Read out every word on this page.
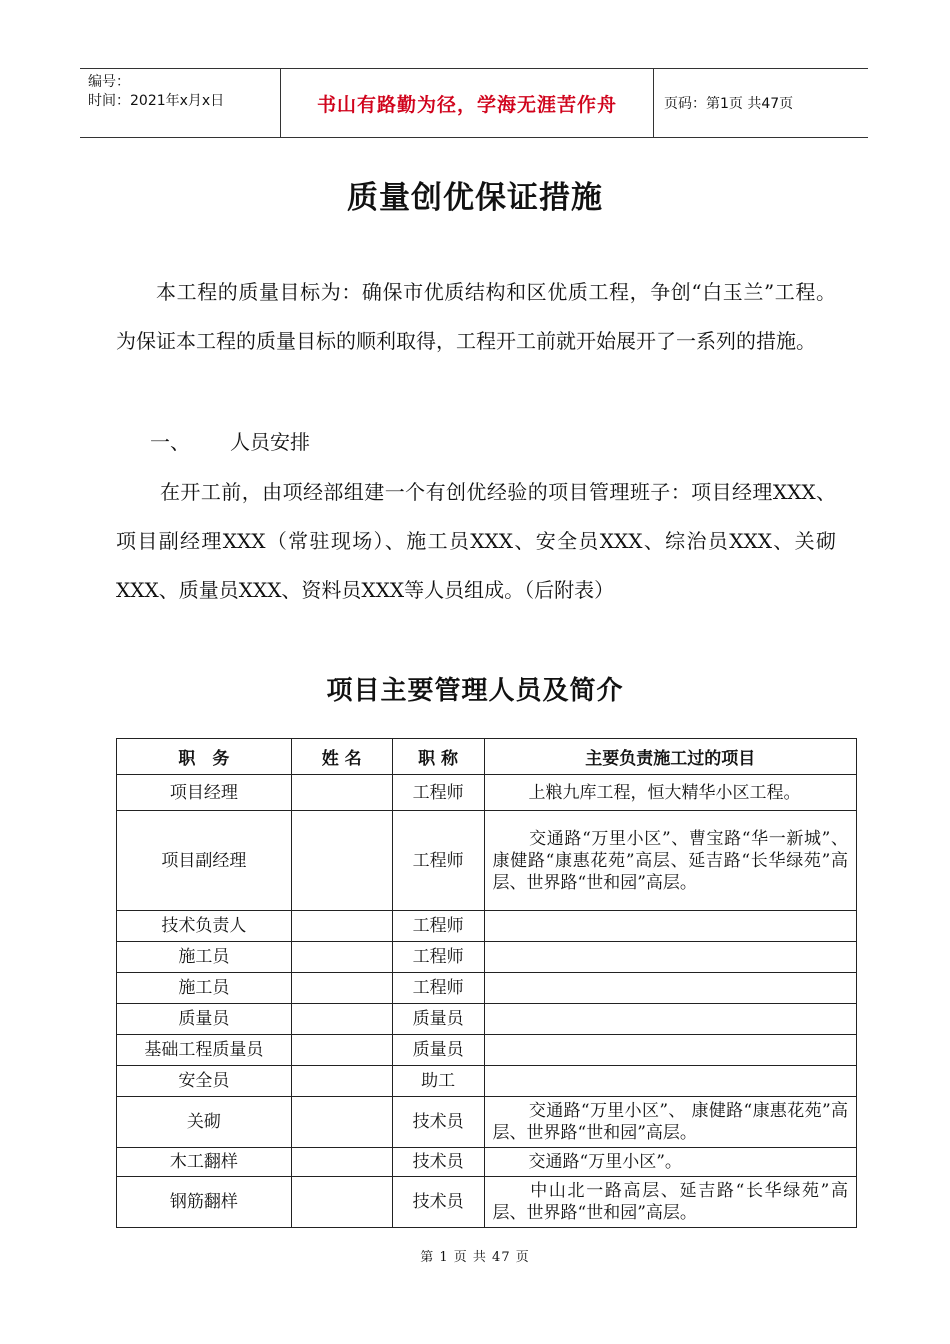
编号：
时间：2021年x月x日	书山有路勤为径，学海无涯苦作舟	页码：第1页 共47页
质量创优保证措施
本工程的质量目标为：确保市优质结构和区优质工程，争创“白玉兰”工程。为保证本工程的质量目标的顺利取得，工程开工前就开始展开了一系列的措施。
一、 人员安排
在开工前，由项经部组建一个有创优经验的项目管理班子：项目经理XXX、项目副经理XXX（常驻现场）、施工员XXX、安全员XXX、综治员XXX、关砌XXX、质量员XXX、资料员XXX等人员组成。（后附表）
项目主要管理人员及简介
职　务	姓 名	职 称	主要负责施工过的项目
项目经理		工程师	上粮九库工程，恒大精华小区工程。
项目副经理		工程师	交通路“万里小区”、曹宝路“华一新城”、康健路“康惠花苑”高层、延吉路“长华绿苑”高层、世界路“世和园”高层。
技术负责人		工程师	
施工员		工程师	
施工员		工程师	
质量员		质量员	
基础工程质量员		质量员	
安全员		助工	
关砌		技术员	交通路“万里小区”、 康健路“康惠花苑”高层、世界路“世和园”高层。
木工翻样		技术员	交通路“万里小区”。
钢筋翻样		技术员	中山北一路高层、延吉路“长华绿苑”高层、世界路“世和园”高层。
第 1 页 共 47 页
